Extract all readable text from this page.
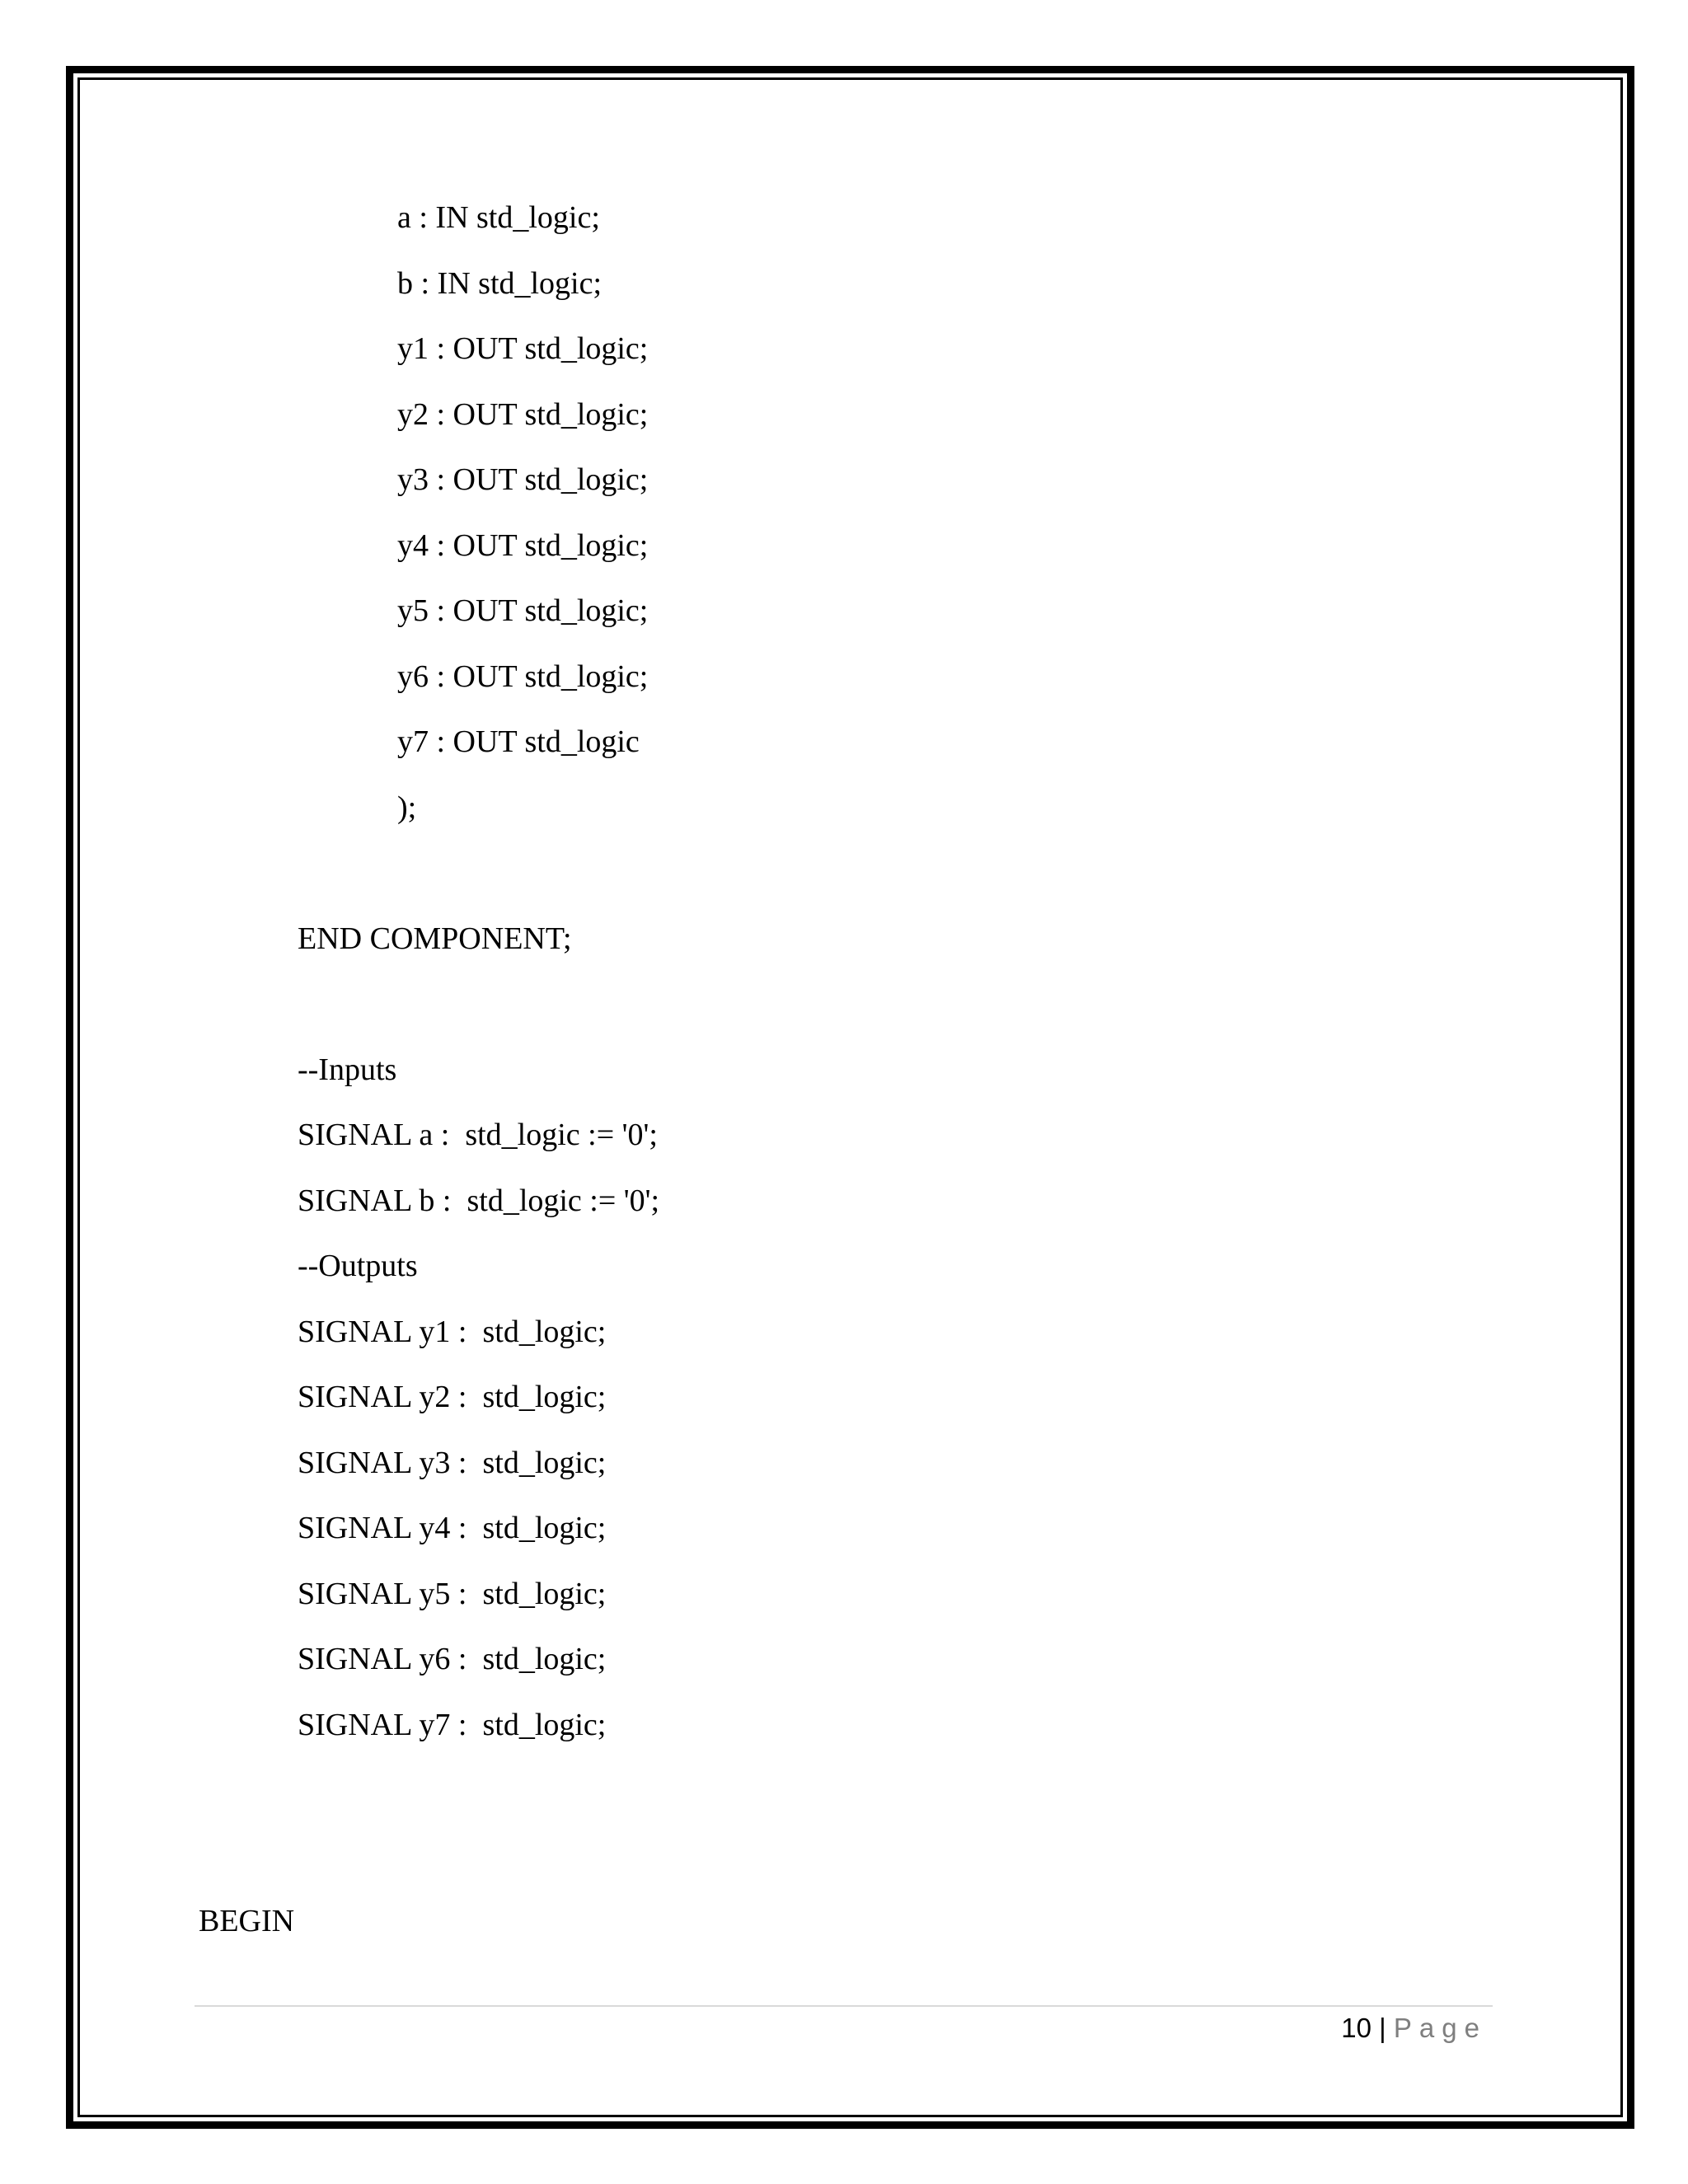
a : IN std_logic;
b : IN std_logic;
y1 : OUT std_logic;
y2 : OUT std_logic;
y3 : OUT std_logic;
y4 : OUT std_logic;
y5 : OUT std_logic;
y6 : OUT std_logic;
y7 : OUT std_logic
);
END COMPONENT;
--Inputs
SIGNAL a :  std_logic := '0';
SIGNAL b :  std_logic := '0';
--Outputs
SIGNAL y1 :  std_logic;
SIGNAL y2 :  std_logic;
SIGNAL y3 :  std_logic;
SIGNAL y4 :  std_logic;
SIGNAL y5 :  std_logic;
SIGNAL y6 :  std_logic;
SIGNAL y7 :  std_logic;
BEGIN
10 | Page
